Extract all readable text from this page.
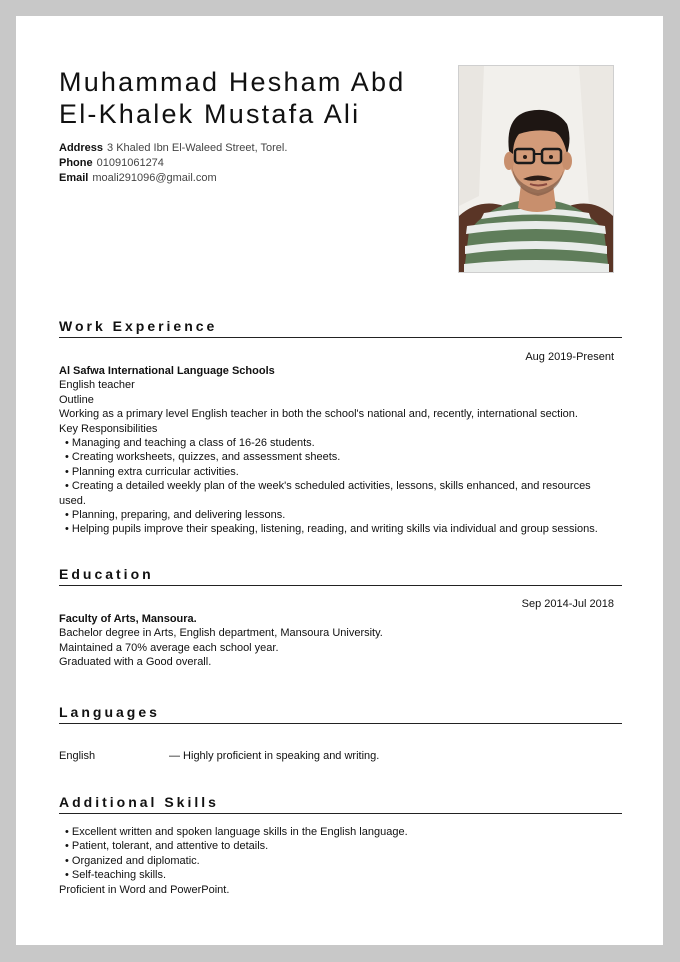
Muhammad Hesham Abd El-Khalek Mustafa Ali
Address 3 Khaled Ibn El-Waleed Street, Torel.
Phone 01091061274
Email moali291096@gmail.com
Work Experience
Aug 2019-Present
Al Safwa International Language Schools
English teacher
Outline
Working as a primary level English teacher in both the school's national and, recently, international section.
Key Responsibilities
• Managing and teaching a class of 16-26 students.
• Creating worksheets, quizzes, and assessment sheets.
• Planning extra curricular activities.
• Creating a detailed weekly plan of the week's scheduled activities, lessons, skills enhanced, and resources used.
• Planning, preparing, and delivering lessons.
• Helping pupils improve their speaking, listening, reading, and writing skills via individual and group sessions.
Education
Sep 2014-Jul 2018
Faculty of Arts, Mansoura.
Bachelor degree in Arts, English department, Mansoura University.
Maintained a 70% average each school year.
Graduated with a Good overall.
Languages
English	— Highly proficient in speaking and writing.
Additional Skills
• Excellent written and spoken language skills in the English language.
• Patient, tolerant, and attentive to details.
• Organized and diplomatic.
• Self-teaching skills.
Proficient in Word and PowerPoint.
